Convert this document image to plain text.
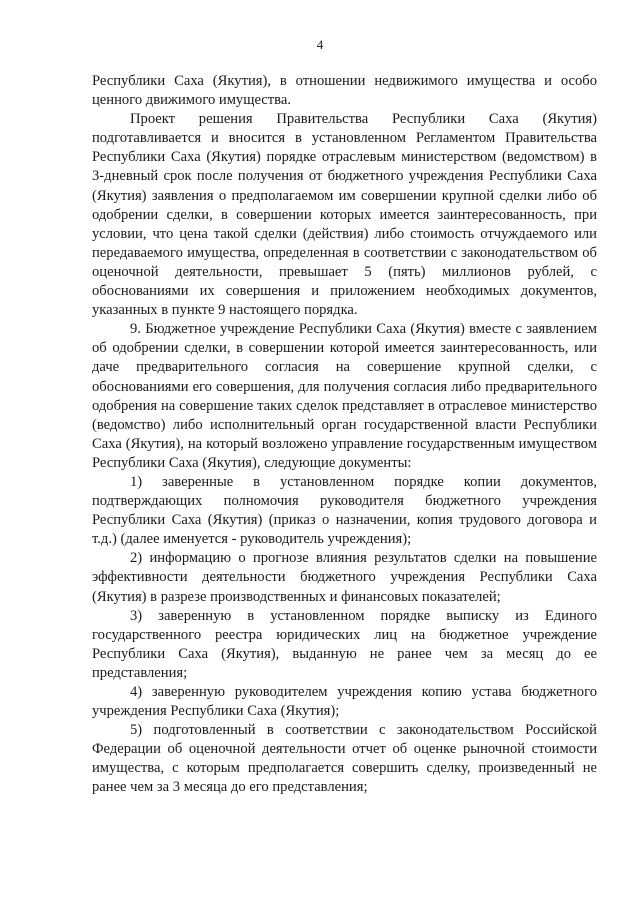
4

Республики Саха (Якутия), в отношении недвижимого имущества и особо ценного движимого имущества.

Проект решения Правительства Республики Саха (Якутия) подготавливается и вносится в установленном Регламентом Правительства Республики Саха (Якутия) порядке отраслевым министерством (ведомством) в 3-дневный срок после получения от бюджетного учреждения Республики Саха (Якутия) заявления о предполагаемом им совершении крупной сделки либо об одобрении сделки, в совершении которых имеется заинтересованность, при условии, что цена такой сделки (действия) либо стоимость отчуждаемого или передаваемого имущества, определенная в соответствии с законодательством об оценочной деятельности, превышает 5 (пять) миллионов рублей, с обоснованиями их совершения и приложением необходимых документов, указанных в пункте 9 настоящего порядка.

9. Бюджетное учреждение Республики Саха (Якутия) вместе с заявлением об одобрении сделки, в совершении которой имеется заинтересованность, или даче предварительного согласия на совершение крупной сделки, с обоснованиями его совершения, для получения согласия либо предварительного одобрения на совершение таких сделок представляет в отраслевое министерство (ведомство) либо исполнительный орган государственной власти Республики Саха (Якутия), на который возложено управление государственным имуществом Республики Саха (Якутия), следующие документы:

1) заверенные в установленном порядке копии документов, подтверждающих полномочия руководителя бюджетного учреждения Республики Саха (Якутия) (приказ о назначении, копия трудового договора и т.д.) (далее именуется - руководитель учреждения);

2) информацию о прогнозе влияния результатов сделки на повышение эффективности деятельности бюджетного учреждения Республики Саха (Якутия) в разрезе производственных и финансовых показателей;

3) заверенную в установленном порядке выписку из Единого государственного реестра юридических лиц на бюджетное учреждение Республики Саха (Якутия), выданную не ранее чем за месяц до ее представления;

4) заверенную руководителем учреждения копию устава бюджетного учреждения Республики Саха (Якутия);

5) подготовленный в соответствии с законодательством Российской Федерации об оценочной деятельности отчет об оценке рыночной стоимости имущества, с которым предполагается совершить сделку, произведенный не ранее чем за 3 месяца до его представления;
